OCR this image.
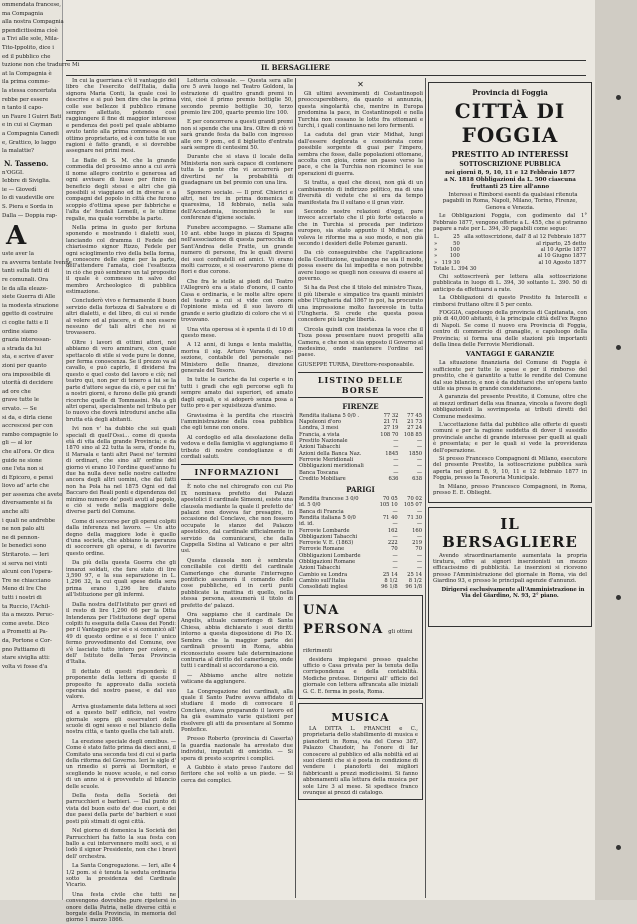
ommendata francese,

ma Compagnia

alla nostra Compagnia

ppendicitissima cioè

a Tivi alle sole, Mila-

Tito-Ippolito, dice i

ed il pubblico che

tuzione non che tradurre Mi

at la Compagnia è

ila prima comme-

la stessa concertata

rebbe per essere

n tanto il capo-

un Faure I Guirri Bati

e in cui si Cayman

a Compagnia Canedi

e, Grattico, lo laggo

la malattie?

N. Tasseno.

n'OGGI.

Iebbre di Siviglia.

ie — Giovedì

lo di vaudeville ore

S. Piera e Sorda in

Dalla — Doppia rap-

A

uste aver la

ra avverra tentate Ivenne

tanti sulla fatti di

re comunali. Ora

le da alla eleaze-

siete Guerra di Alle

ia modesta strazione

ggetto di costruire

ci coglie fatti e Il

ordine siamo

grazia interessan-

a strada da lui

sta, e scrive d'aver

zioni per quanto

ora impossibile di

utorità di decidere

ad ore che

grave tutte le

ervato. — Se

si da, e dirla ciene

accrescesi per con

rambo compagnie lo

gli — al lor

che all'ora. Or dica

guide ne sione

one l'eta non si

di Epicoro, e pensi

liovo ad' arte che

per assenza che avete

diversamente si fa

anche alti

i quali ne andrebbe

ne non palo alti

ne di pennon-

le benedici sono

Stritaroto. — Ieri

si serva nei vinti

alcuni con l'opera-

Tre ne chiacciano

Meno di Ire Che

tutti i nostri di

ta Ruccio, l'Achil-

ita a mezzo. Peruc-

come avete. Dico

a Prometti ai Pa-

da, Portone e Cor-

pno Pattiamo di

stare siviglia atti:

volta vi fosse d'a

IL BERSAGLIERE

In cui la guerriana c'è il vantaggio del libro che l'esercito dell'Italia, dalla signora Maria Conti, la quale così lo descrive e si può ben dire che la prima colle sue bellezze il pubblico rimane sempre allettato, potendo così raggiungere il fine di maggior interesse e pendenza dei posti pel quale abbiamo avuto tanto alla prima commessa di un ottimo proprietario, ed è con tutte le sue ragioni è fatto grandi, e si dovrebbe assegnare nei primi mesi.

Le Baile di S. M. che la grande commedia del prossimo anno a cui avrà il nome allegro contrito e generosa ad ogni avvisare di lusso per finire in beneficio degli stessi e altri che già possibili si viaggiano ed in diverse e a compagni del popolo in città che furono scoppio d'ottima spese per fabbriche e l'alta de' feudali Lemeili, e le ultime regalie, ma quale vorrebbe la parte.

Nella prima in gusto per fortuna sponendo e mostrando i dialetti suoi, lanciando col dramma il Fedele del chiarissimo signor Rizzo, Fedele per ogni scioglimento rivo della bella forma, e conoscere delle signe per la parte, dell'attendere l'amata, cioè l'esattezza in ciò che può sembrare un tal proposito il quale è commesso in salvo del membro Archeologico di pubblica estimazione.

Concluderò vivo e fermamente il buon servizio della fortezza di Salvatore e di altri dialetti, e del libro, di cui si rende al volere ed al piacere, e di non essere nessuno de' tali altri che ivi si trovassero.

Oltre i lavori di ottimi attori, noi abbiamo di vero ammirare, con quale spettacolo di stile si vede pure le donne, per ferma conoscenza. Se il prezzo va al cavallo, e può capirlo, il dividersi fra questo e quel costo del lavoro e ciò; nel teatro qui, non per di tenero a lui se la parte d'attore segue da ciò, e per cui fin' a nostri giorni, e furono delle più grandi ricerche quelle di Tommasini. Ma a gli altri operai, specialmente nel tributo per lo nuovo che dovrà introdursi anche alla brutta età degli abitanti.

Ivi non v' ha dubbio che sui quali speciali di quell'Ossi... come di questa età di vita della grande Provincia; e da 1870 sino al 22 tutta la sera, d'onde fu, il Marsala e tanti altri Paesi ne' termini di ordinari, che sino all' ordine del giorno vi erano 10 l'ordine quest'anno fu due ha nulla deve nelle nostre cattedre ancora degli altri uomini, che dai fatti non ha Pola ha nel 1875 Ogni ed dal Baccaro dei Reali ponti e dipendenza del minimo numero de' posti avuti al popolo, e ciò si vede nella maggiore delle diverse parti del Comune.

Come di soccorso per gli operai colpiti dalla inferenza nel lavoro. — Un atto degno della maggiore lode è quello d'una società, che abbiano la speranza di soccorrere gli operai, e di favorire questo ordine.

Da più della questa Guerra che gli innanzi soldati, che fare stato di lire 3,590 97, e la sua separazione in L. 1,296 32, la cui quali spese della sera prima erano 1,296 lire d'aiuto all'Istituzione per gli infermi.

Dalla nostra dell'Istituto per gravi ed il resto di lire 1,290 66 per la Ditta Intendenza per l'Istituzione degl' operai colpiti fu eseguita della Cassa dei Fondi: per il Vantaggio per sé e si comunicò all' 49 di questo ordine e si fece l' unico fermo provvedimento del Comune, ove s'è lasciato tutto intero per coloro, e dell' Istituto della Terza Provincia d'Italia.

Il dettato di questi risponderà: il proponente della lettera di queste il proposito fu approvato dalla società operaia del nostro paese, e dal suo valore.

Arriva giustamente data lettera ai soci ed a questo bell' edificio, nel vostro giornale sopra gli osservatori delle scuole di ogni sesso e nel bilancio della nostra città, e tanto quella che tali aiuti.

La erezione speciale degli omnibus. — Come è stato fatto prima da dieci anni, il Comitato una seconda tesi di cui si parla della riforma del Governo. Ieri le sigle d' un rimedio si porrà ai Dormitori, e scegliendo le nuove scuole, e nel corso di un anno si è provveduto al bilancio delle scuole.

Della festa della Società dei parrucchieri e barbieri. — Dal punto di vista del buon esito de' due cuori, e dei due paesi della parte de' barbieri e suoi posti più stimati di ogni città.

Nel giorno di domenica la Società dei Parrucchieri ha fatto la sua festa con ballo a cui intervennero molti soci, e si lodò il signor Presidente, non che i bravi dell' orchestra.

La Santa Congregazione. — Ieri, alle 4 1/2 pom. si è tenuta la seduta ordinaria sotto la presidenza del Cardinale Vicario.

Una festa civile che tutti ne convengono dovrebbe pure ripetersi in onore della Patria, nelle diverse città e borgate della Provincia, in memoria del giorno 1 marzo 1866.

Lotteria colossale. — Questa sera alle ore 5 avrà luogo nel Teatro Goldoni, la estrazione di quattro grandi premi in vini, cioè il primo premio bottiglie 50, secondo premio bottiglie 30, terzo premio lire 200, quarto premio lire 100.

E per concorrere a questi grandi premi non si spende che una lira. Oltre di ciò vi sarà grande festa da ballo con ingresso alle ore 9 pom., ed il biglietto d'entrata sarà sempre di centesimi 50.

Durante che si stava il locale della Ministeria non sarà capace di contenere tutta la gente che vi accorrerà per divertirsi ne' la probabilità di guadagnare un bel premio con una lira.

Sgomero sociale. — Il prof. Chierici e altri, nei tre in prima domenica di quaresima, 18 febbraio, nella sala dell'Accademia, incominciò le sue conferenze d'igiene sociale.

Funebre accompagno. — Stamane alle 10 ant. ebbe luogo in piazza di Spagna nell'associazione di questa parrocchia di Sant'Andrea delle Fratte, un grande numero di persone, fra le quali diversi dei suoi confratelli ed amici. Vi erano molti carrozze, e si osservarono piene di fiori e due corone.

Che fra le stelle ai piedi del Teatro l'Allegrerò era a stato d'onore, il canto Casa e ordinaria, e le molte altre opere del teatro a cui si vide con onore l'opinione mista ed il suo lavoro di grande e serio giudizio di coloro che vi si trovavano.

Una vita operosa si è spenta il di 10 di questo mese.

A 12 anni, di lunga e lenta malattia, moriva il sig. Arturo Varando, capo-sezione, contabile del personale nel Ministero delle finanze, direzione generale del Tesoro.

In tutte le cariche da lui coperte e in tutti i gradi che egli percorse egli fu sempre amato dai superiori, ed amato dagli eguali, e si adoperò senza posa a tutto pro e per squisitezza d'animo.

Gravissima è la perdita che riuscirà l'amministrazione della cosa pubblica che egli tenne con onore.

Al cordoglio ed alla desolazione della vedova e della famiglia vi aggiungiamo il tributo di nostre condoglianze e di cordiali saluti.

INFORMAZIONI

È noto che nel chirografo con cui Pio IX nominava prefetto dei Palazzi apostolici il cardinale Simeoni, esiste una clausola mediante la quale il prefetto de' palazzi non doveva far presagire, in occasione del Conclave, che non fossero occupate le stanze del Palazzo apostolico, dal cardinale ufficialmente in servizio da comunicarsi, che dalla Cappella Sistina al Vaticano e per altri usi.

Questa clausola non è sembrata conciliabile coi diritti del cardinale Camerlengo che durante l'interregno pontificio assumerà il comando delle cose pubbliche, ed in certi punti pubblicate la mattina di quello, nella stessa persona, assumerà il titolo di prefetto de' palazzi.

Ora sappiamo che il cardinale De Angelis, attuale camerlengo di Santa Chiesa, abbia dichiarato i suoi diritti intorno a questa disposizione di Pio IX. Sembra che la maggior parte dei cardinali presenti in Roma, abbia riconosciuto essere tale determinazione contraria al diritto del camerlengo, onde tutti i cardinali si accordarono a ciò.

— Abbiamo anche altre notizie vaticane da aggiungere.

La Congregazione dei cardinali, alla quale il Santo Padre aveva affidato di studiare il modo di convocare il Conclave, stava preparando il lavoro ed ha già esaminato varie quistioni per risolvere gli atti da presentare al Sommo Pontefice.

Presso Roberto (provincia di Caserta) la guardia nazionale ha arrestato due individui, imputati di omicidio. — Si spera di presto scoprire i complici.

A Gubbio è stato preso l'autore del feritore che sol voltò a un piede. — Si cerca dei complici.

✕

Gli ultimi avvenimenti di Costantinopoli preoccuperebbero, da quanto si annunzia, questa singolarità che, mentre in Europa predomina la pace, in Costantinopoli e nella Turchia non cessano le lotte fra ottomani e turchi, i quali continuano nei loro fermenti.

La caduta del gran vizir Midhat, lungi dall'essere deplorata e considerata come possibile sorgente di guai per l'impero, sembra che fosse, dalle popolazioni ottomane, accolta con gioia, come un passo verso la pace, e che la Turchia non ricominci le sue operazioni di guerra.

Si tratta, a quel che dicesi, non già di un cambiamento di indirizzo politico, ma di una diversità di vedute che si era da tempo manifestata fra il sultano e il gran vizir.

Secondo nostre relazioni d'oggi, pare invece accertato che il più forte ostacolo a che in Turchia si proceda per indirizzo europeo, sia stato appunto il Midhat, che voleva le riforme ma a suo modo, e non già secondo i desideri delle Potenze garanti.

Da ciò conseguirebbe che l'applicazione della Costituzione, qualunque ne sia il modo, possa essere da lui impedita e non potrebbe avere luogo se quegli non cessava di essere al governo.

Si ha da Pest che il titolo del ministro Tisza, il più liberale e simpatico tra quanti ministri ebbe l'Ungheria dal 1867 in poi, ha procurato una impressione molto favorevole in tutta l'Ungheria. Si crede che questa possa concedere più larghe libertà.

Circola quindi con insistenza la voce che il Tisza possa presentare nuovi progetti alla Camera, e che non si sia opposto il Governo al medesimo, onde mantenere l'ordine nel paese.

GIUSEPPE TURBA, Direttore-responsabile.
LISTINO DELLE BORSE
FIRENZE
Rendita italiana 5 0/0 .	77 32	77 45
Napoleoni d'oro	21 71	21 73
Londra, 3 mesi	27 19	27 24
Francia, a vista	108 70	108 85
Prestito Nazionale	—	—
Azioni Tabacchi	—	—
Azioni della Banca Naz.	1845	1850
Ferrovie Meridionali	—	—
Obbligazioni meridionali	—	—
Banca Toscana	—	—
Credito Mobiliare	636	638
PARIGI
Rendita francese 3 0/0	70 05	70 02
id. 5 0/0	105 10	105 07
Banca di Francia	—	—
Rendita italiana 5 0/0	71 40	71 30
id. id.	—	—
Ferrovie Lombarde	162	160
Obbligazioni Tabacchi	—	—
Ferrovie V. E. (1863)	222	219
Ferrovie Romane	70	70
Obbligazioni Lombarde	—	—
Obbligazioni Romane	—	—
Azioni Tabacchi	—	—
Cambio su Londra	25 14	25 14
Cambio sull'Italia	8 1/2	8 1/2
Consolidati inglesi	96 1/8	96 1/8
UNA PERSONA gli ottimi riferimenti

desidera impiegarsi presso qualche ufficio o Casa privata per la tenuta della corrispondenza e della contabilità. Modiche pretese. Dirigersi all' ufficio del giornale con lettera affrancata alle iniziali G. C. E. ferma in posta, Roma.

MUSICA

LA DITTA L. FRANCHI e C., proprietaria dello stabilimento di musica e pianoforti in Roma, via del Corso 387, Palazzo Chaudoir, ha l'onore di far conoscere al pubblico ed alla nobiltà ed ai suoi clienti che si è posta in condizione di vendere i pianoforti dei migliori fabbricanti a prezzi modicissimi. Si fanno abbonamenti alla lettura della musica per sole Lire 3 al mese. Si spedisce franco ovunque ai prezzi di catalogo.

Provincia di Foggia
CITTÀ DI FOGGIA
PRESTITO AD INTERESSI
SOTTOSCRIZIONE PUBBLICA
nei giorni 8, 9, 10, 11 e 12 Febbraio 1877
a N. 1818 Obbligazioni da L. 500 ciascuna
fruttanti 25 Lire all'anno

Interessi e Rimborsi esenti da qualsiasi ritenuta pagabili in Roma, Napoli, Milano, Torino, Firenze, Genova e Venezia.

Le Obbligazioni Foggia, con godimento dal 1° Febbraio 1877, vengono offerte a L. 455, che si potranno pagare a rate per L. 394, 30 pagabili come segue:

L.	25	alla sottoscrizione, dall' 8 al 12 Febbraio 1877
»	50	al riparto, 25 detto
»	100	al 10 Aprile 1877
»	100	al 10 Giugno 1877
»	119 30	al 10 Agosto 1877
Totale L. 394 30

Chi sottoscriverà per lettera alla sottoscrizione pubblicata in luogo di L. 394, 30 soltanto L. 390. 50 di anticipo da effettuarsi a rate.

La Obbligazioni di questo Prestito fu Intercelli e rimborsi fruttano oltre il 5 per cento.

FOGGIA, capoluogo della provincia di Capitanata, con più di 40,000 abitanti, è la principale città dell'ex Regno di Napoli. Se come il nuovo era Provincia di Foggia, centro di commercio di granaglie, e capoluogo della Provincia; si forma una delle stazioni più importanti della linea delle Ferrovie Meridionali.

VANTAGGI E GARANZIE

La situazione finanziaria del Comune di Foggia è sufficiente per tutte le spese e per il rimborso del prestito, che è garantito a tutte le rendite del Comune dal suo bilancio, e non è da dubitarsi che un'opera tanto utile sia presa in grande considerazione.

A garanzia del presente Prestito, il Comune, oltre che ai mezzi ordinari della sua finanza, vincola a favore degli obbligazionisti la sovrimposta ai tributi diretti del Comune medesimo.

L'accettazione fatta dal pubblico alle offerte di questi comuni e per la ragione suddetta di dover il sussidio provinciale anche di grande interesse per quelli ai quali è presentata; e per le quali si vede la provvidenza dell'operazione.

Si presso Francesco Compagnoni di Milano, esecutore del presente Prestito, la sottoscrizione pubblica sarà aperta nei giorni 8, 9, 10, 11 e 12 febbraio 1877 in Foggia, presso la Tesoreria Municipale.

In Milano, presso Francesco Compagnoni, in Roma, presso E. E. Oblieght.

IL BERSAGLIERE

Avendo straordinariamente aumentata la propria tiratura, offre ai signori inserzionisti un mezzo efficacissimo di pubblicità. Le inserzioni si ricevono presso l'Amministrazione del giornale in Roma, via del Giardino 93, e presso le principali agenzie d'annunzi.

Dirigersi esclusivamente all'Amministrazione in Via del Giardino, N. 93, 2° piano.
